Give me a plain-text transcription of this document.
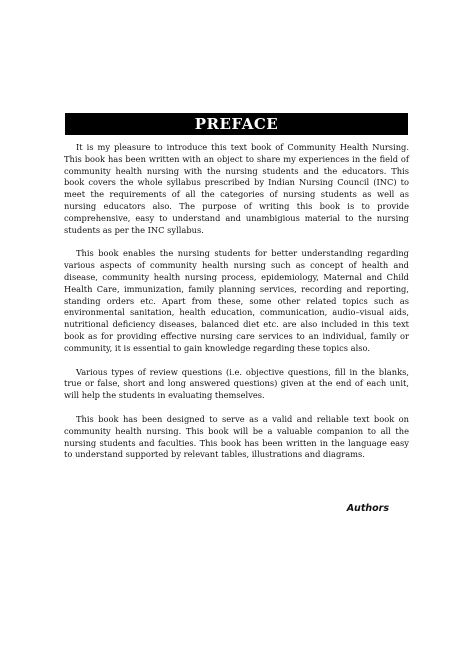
PREFACE

It is my pleasure to introduce this text book of Community Health Nursing. This book has been written with an object to share my experiences in the field of community health nursing with the nursing students and the educators. This book covers the whole syllabus prescribed by Indian Nursing Council (INC) to meet the requirements of all the categories of nursing students as well as nursing educators also. The purpose of writing this book is to provide comprehensive, easy to understand and unambigious material to the nursing students as per the INC syllabus.

This book enables the nursing students for better understanding regarding various aspects of community health nursing such as concept of health and disease, community health nursing process, epidemiology, Maternal and Child Health Care, immunization, family planning services, recording and reporting, standing orders etc. Apart from these, some other related topics such as environmental sanitation, health education, communication, audio–visual aids, nutritional deficiency diseases, balanced diet etc. are also included in this text book as for providing effective nursing care services to an individual, family or community, it is essential to gain knowledge regarding these topics also.

Various types of review questions (i.e. objective questions, fill in the blanks, true or false, short and long answered questions) given at the end of each unit, will help the students in evaluating themselves.

This book has been designed to serve as a valid and reliable text book on community health nursing. This book will be a valuable companion to all the nursing students and faculties. This book has been written in the language easy to understand supported by relevant tables, illustrations and diagrams.

Authors
